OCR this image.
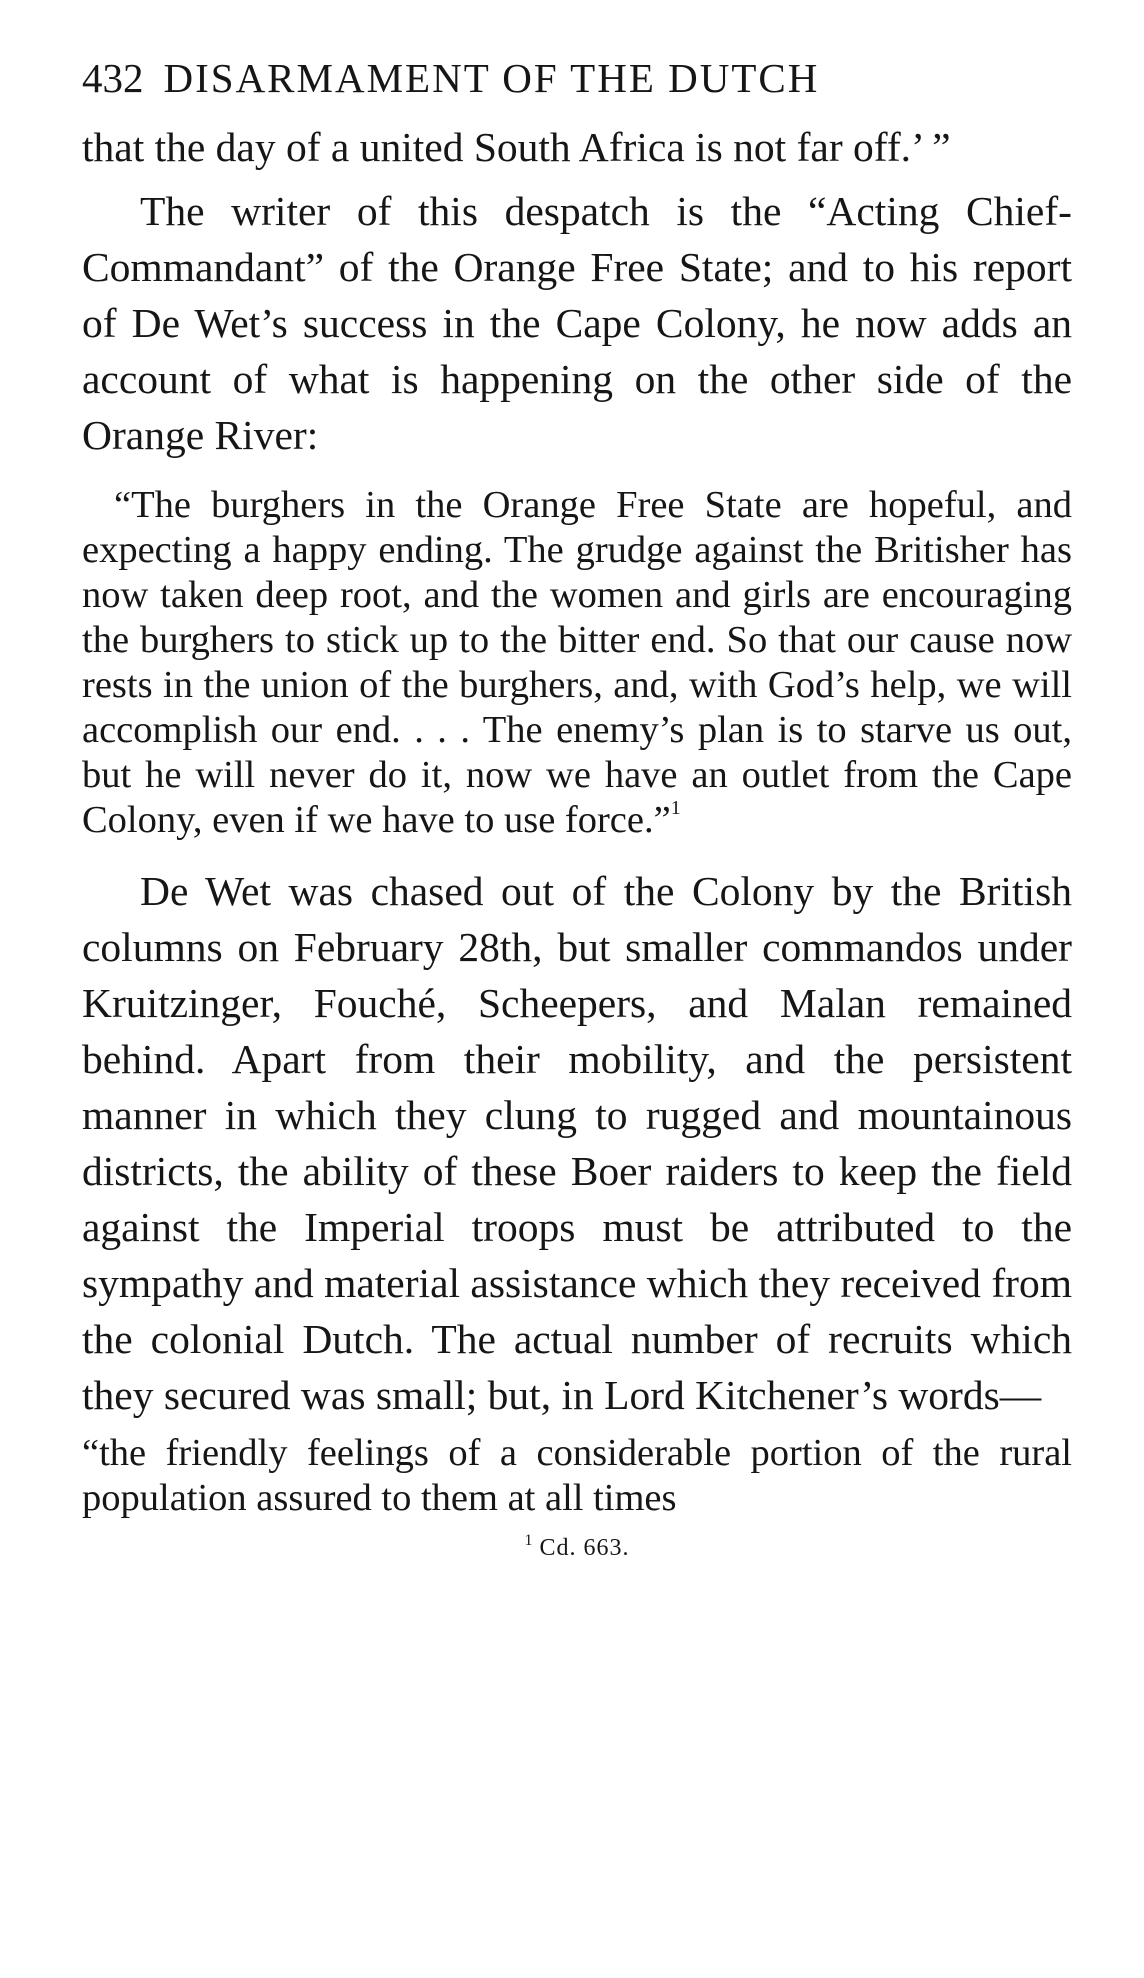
432 DISARMAMENT OF THE DUTCH

that the day of a united South Africa is not far off.’ ”

The writer of this despatch is the “Acting Chief-Commandant” of the Orange Free State; and to his report of De Wet’s success in the Cape Colony, he now adds an account of what is happening on the other side of the Orange River:

“The burghers in the Orange Free State are hopeful, and expecting a happy ending. The grudge against the Britisher has now taken deep root, and the women and girls are encouraging the burghers to stick up to the bitter end. So that our cause now rests in the union of the burghers, and, with God’s help, we will accomplish our end. . . . The enemy’s plan is to starve us out, but he will never do it, now we have an outlet from the Cape Colony, even if we have to use force.”$^1$

De Wet was chased out of the Colony by the British columns on February 28th, but smaller commandos under Kruitzinger, Fouché, Scheepers, and Malan remained behind. Apart from their mobility, and the persistent manner in which they clung to rugged and mountainous districts, the ability of these Boer raiders to keep the field against the Imperial troops must be attributed to the sympathy and material assistance which they received from the colonial Dutch. The actual number of recruits which they secured was small; but, in Lord Kitchener’s words—

“the friendly feelings of a considerable portion of the rural population assured to them at all times

$^1$ Cd. 663.
